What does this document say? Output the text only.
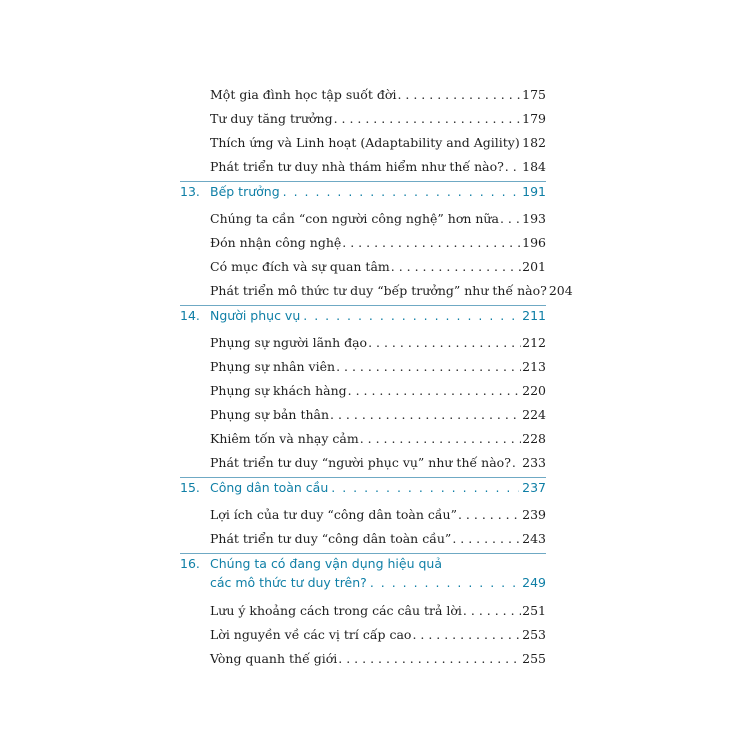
Một gia đình học tập suốt đời . . .	175
Tư duy tăng trưởng . . .	179
Thích ứng và Linh hoạt (Adaptability and Agility) . . . 182
Phát triển tư duy nhà thám hiểm như thế nào? . . . 184
13. Bếp trưởng . . .	191
Chúng ta cần “con người công nghệ” hơn nữa . . . 193
Đón nhận công nghệ . . .	196
Có mục đích và sự quan tâm . . .	201
Phát triển mô thức tư duy “bếp trưởng” như thế nào? 204
14. Người phục vụ . . .	211
Phụng sự người lãnh đạo . . .	212
Phụng sự nhân viên . . .	213
Phụng sự khách hàng . . .	220
Phụng sự bản thân . . .	224
Khiêm tốn và nhạy cảm . . .	228
Phát triển tư duy “người phục vụ” như thế nào? . . . 233
15. Công dân toàn cầu . . .	237
Lợi ích của tư duy “công dân toàn cầu” . . .	239
Phát triển tư duy “công dân toàn cầu” . . .	243
16. Chúng ta có đang vận dụng hiệu quả
các mô thức tư duy trên? . . .	249
Lưu ý khoảng cách trong các câu trả lời . . .	251
Lời nguyền về các vị trí cấp cao . . .	253
Vòng quanh thế giới . . .	255
